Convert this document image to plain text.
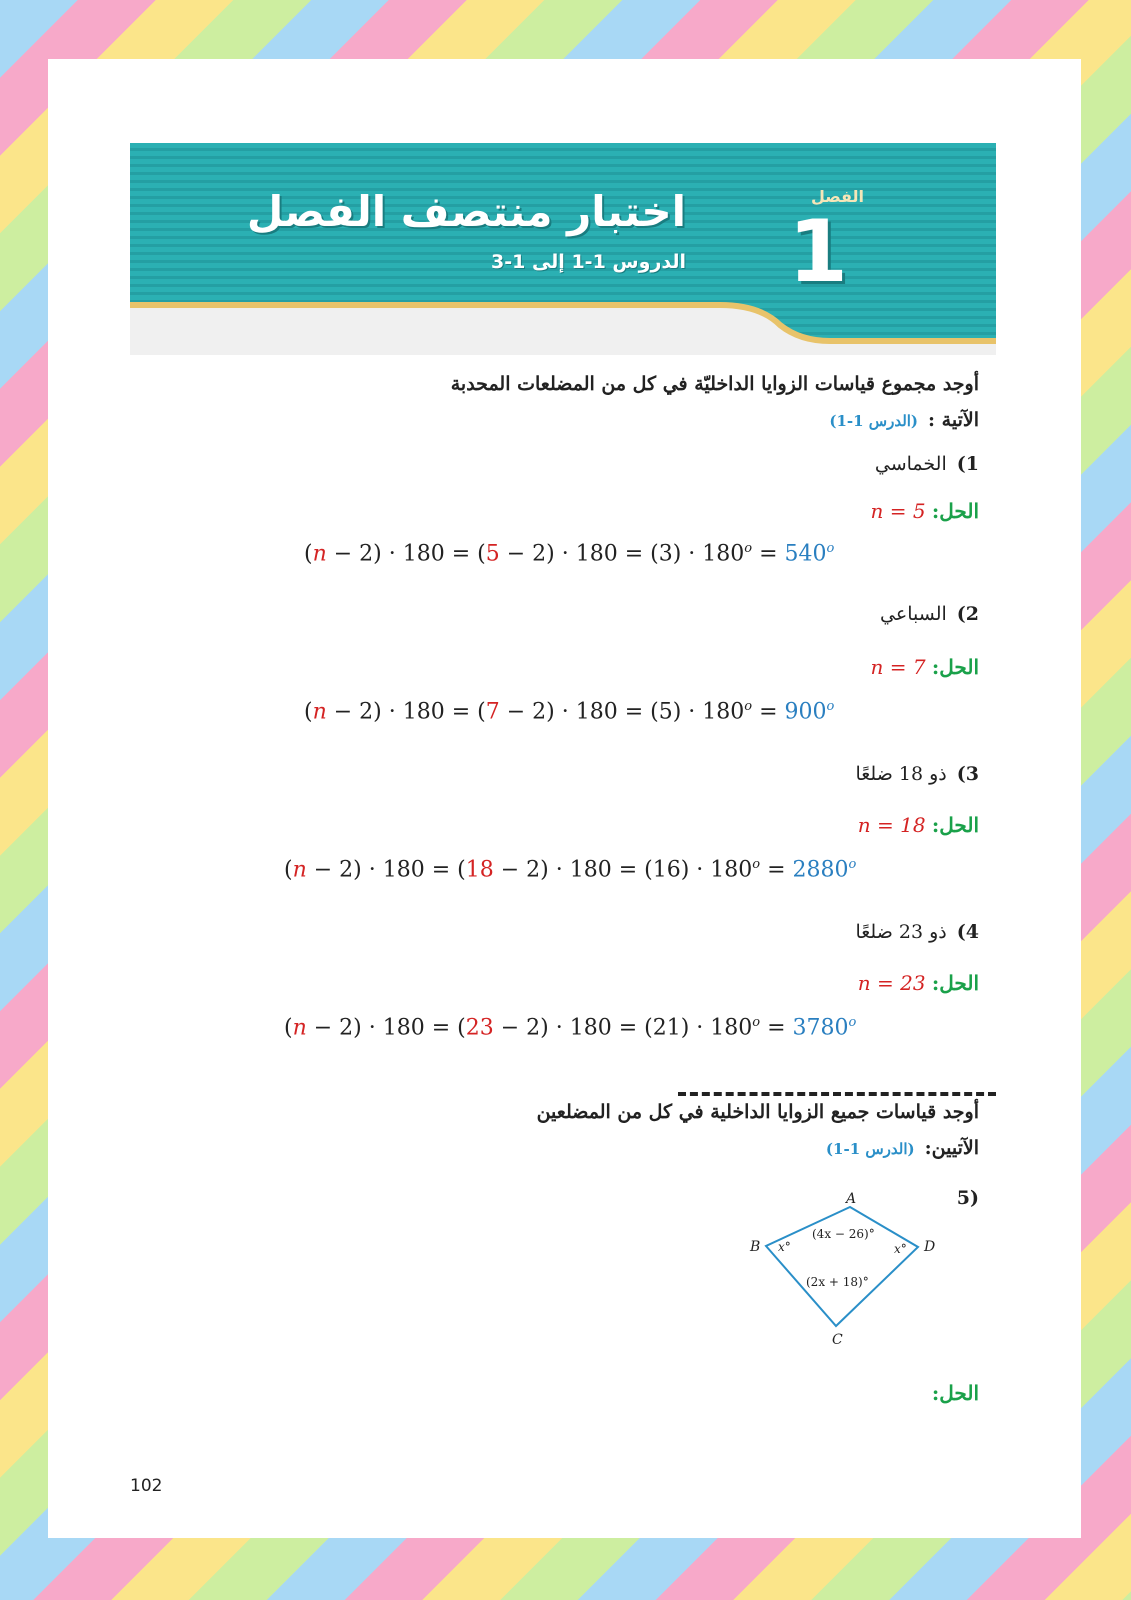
اختبار منتصف الفصل
الدروس 1-1 إلى 1-3
الفصل
1
أوجد مجموع قياسات الزوايا الداخليّة في كل من المضلعات المحدبة
الآتية :(الدرس 1-1)
1)الخماسي
الحل: n = 5
$(n - 2) \cdot 180 = (5 - 2) \cdot 180 = (3) \cdot 180^o = 540^o$
2)السباعي
الحل: n = 7
$(n - 2) \cdot 180 = (7 - 2) \cdot 180 = (5) \cdot 180^o = 900^o$
3)ذو 18 ضلعًا
الحل: n = 18
$(n - 2) \cdot 180 = (18 - 2) \cdot 180 = (16) \cdot 180^o = 2880^o$
4)ذو 23 ضلعًا
الحل: n = 23
$(n - 2) \cdot 180 = (23 - 2) \cdot 180 = (21) \cdot 180^o = 3780^o$
أوجد قياسات جميع الزوايا الداخلية في كل من المضلعين
الآتيين:(الدرس 1-1)
(5
A
B
C
D
(4x − 26)°
x°	x°
(2x + 18)°
الحل:
102
